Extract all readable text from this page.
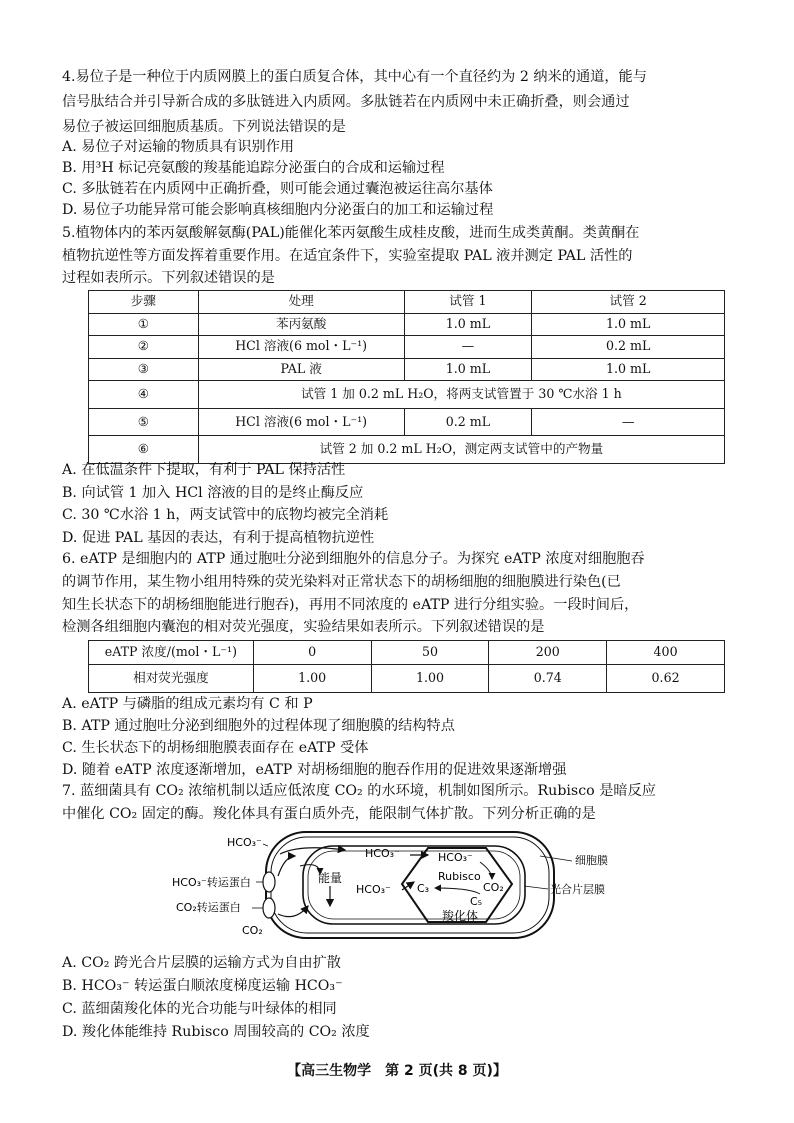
4.易位子是一种位于内质网膜上的蛋白质复合体，其中心有一个直径约为 2 纳米的通道，能与
信号肽结合并引导新合成的多肽链进入内质网。多肽链若在内质网中未正确折叠，则会通过
易位子被运回细胞质基质。下列说法错误的是
A. 易位子对运输的物质具有识别作用
B. 用³H 标记亮氨酸的羧基能追踪分泌蛋白的合成和运输过程
C. 多肽链若在内质网中正确折叠，则可能会通过囊泡被运往高尔基体
D. 易位子功能异常可能会影响真核细胞内分泌蛋白的加工和运输过程
5.植物体内的苯丙氨酸解氨酶(PAL)能催化苯丙氨酸生成桂皮酸，进而生成类黄酮。类黄酮在
植物抗逆性等方面发挥着重要作用。在适宜条件下，实验室提取 PAL 液并测定 PAL 活性的
过程如表所示。下列叙述错误的是
步骤	处理	试管 1	试管 2
①	苯丙氨酸	1.0 mL	1.0 mL
②	HCl 溶液(6 mol・L⁻¹)	—	0.2 mL
③	PAL 液	1.0 mL	1.0 mL
④	试管 1 加 0.2 mL H₂O，将两支试管置于 30 ℃水浴 1 h		
⑤	HCl 溶液(6 mol・L⁻¹)	0.2 mL	—
⑥	试管 2 加 0.2 mL H₂O，测定两支试管中的产物量		
A. 在低温条件下提取，有利于 PAL 保持活性
B. 向试管 1 加入 HCl 溶液的目的是终止酶反应
C. 30 ℃水浴 1 h，两支试管中的底物均被完全消耗
D. 促进 PAL 基因的表达，有利于提高植物抗逆性
6. eATP 是细胞内的 ATP 通过胞吐分泌到细胞外的信息分子。为探究 eATP 浓度对细胞胞吞
的调节作用，某生物小组用特殊的荧光染料对正常状态下的胡杨细胞的细胞膜进行染色(已
知生长状态下的胡杨细胞能进行胞吞)，再用不同浓度的 eATP 进行分组实验。一段时间后，
检测各组细胞内囊泡的相对荧光强度，实验结果如表所示。下列叙述错误的是
eATP 浓度/(mol・L⁻¹)	0	50	200	400
相对荧光强度	1.00	1.00	0.74	0.62
A. eATP 与磷脂的组成元素均有 C 和 P
B. ATP 通过胞吐分泌到细胞外的过程体现了细胞膜的结构特点
C. 生长状态下的胡杨细胞膜表面存在 eATP 受体
D. 随着 eATP 浓度逐渐增加，eATP 对胡杨细胞的胞吞作用的促进效果逐渐增强
7. 蓝细菌具有 CO₂ 浓缩机制以适应低浓度 CO₂ 的水环境，机制如图所示。Rubisco 是暗反应
中催化 CO₂ 固定的酶。羧化体具有蛋白质外壳，能限制气体扩散。下列分析正确的是
HCO₃⁻
HCO₃⁻转运蛋白
CO₂转运蛋白
CO₂
能量
HCO₃⁻
HCO₃⁻
HCO₃⁻
Rubisco
C₃	CO₂
C₅
羧化体
细胞膜
光合片层膜
A. CO₂ 跨光合片层膜的运输方式为自由扩散
B. HCO₃⁻ 转运蛋白顺浓度梯度运输 HCO₃⁻
C. 蓝细菌羧化体的光合功能与叶绿体的相同
D. 羧化体能维持 Rubisco 周围较高的 CO₂ 浓度
【高三生物学　第 2 页(共 8 页)】
